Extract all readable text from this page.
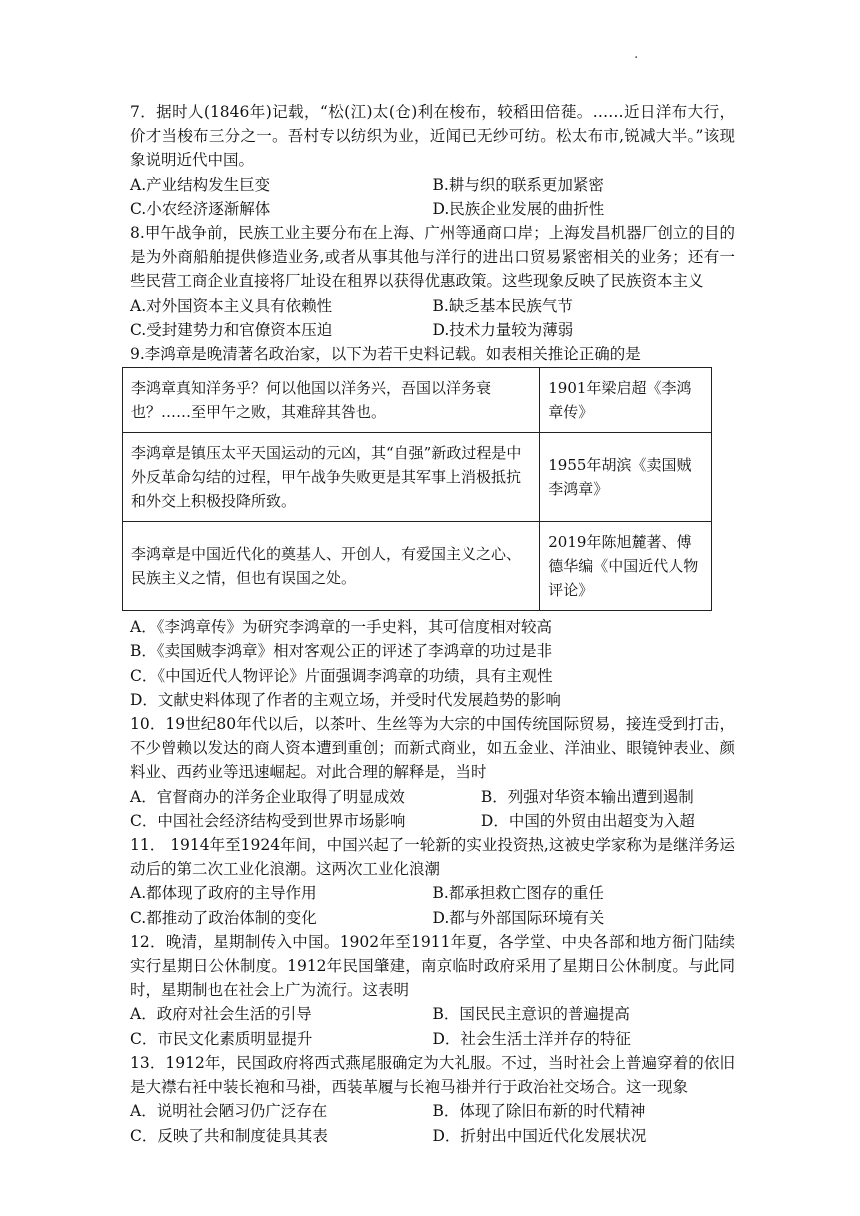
·

7．据时人(1846年)记载，“松(江)太(仓)利在梭布，较稻田倍蓰。……近日洋布大行，价才当梭布三分之一。吾村专以纺织为业，近闻已无纱可纺。松太布市,锐减大半。”该现象说明近代中国。

A.产业结构发生巨变	B.耕与织的联系更加紧密
C.小农经济逐渐解体	D.民族企业发展的曲折性

8.甲午战争前，民族工业主要分布在上海、广州等通商口岸；上海发昌机器厂创立的目的是为外商船舶提供修造业务,或者从事其他与洋行的进出口贸易紧密相关的业务；还有一些民营工商企业直接将厂址设在租界以获得优惠政策。这些现象反映了民族资本主义

A.对外国资本主义具有依赖性	B.缺乏基本民族气节
C.受封建势力和官僚资本压迫	D.技术力量较为薄弱

9.李鸿章是晚清著名政治家，以下为若干史料记载。如表相关推论正确的是

李鸿章真知洋务乎？何以他国以洋务兴，吾国以洋务衰也？……至甲午之败，其难辞其咎也。	1901年梁启超《李鸿章传》
李鸿章是镇压太平天国运动的元凶，其“自强”新政过程是中外反革命勾结的过程，甲午战争失败更是其军事上消极抵抗和外交上积极投降所致。	1955年胡滨《卖国贼李鸿章》
李鸿章是中国近代化的奠基人、开创人，有爱国主义之心、民族主义之情，但也有误国之处。	2019年陈旭麓著、傅德华编《中国近代人物评论》
A．《李鸿章传》为研究李鸿章的一手史料，其可信度相对较高
B．《卖国贼李鸿章》相对客观公正的评述了李鸿章的功过是非
C．《中国近代人物评论》片面强调李鸿章的功绩，具有主观性
D．文献史料体现了作者的主观立场，并受时代发展趋势的影响

10．19世纪80年代以后，以茶叶、生丝等为大宗的中国传统国际贸易，接连受到打击，不少曾赖以发达的商人资本遭到重创；而新式商业，如五金业、洋油业、眼镜钟表业、颜料业、西药业等迅速崛起。对此合理的解释是，当时

A．官督商办的洋务企业取得了明显成效	B．列强对华资本输出遭到遏制
C．中国社会经济结构受到世界市场影响	D．中国的外贸由出超变为入超

11． 1914年至1924年间，中国兴起了一轮新的实业投资热,这被史学家称为是继洋务运动后的第二次工业化浪潮。这两次工业化浪潮

A.都体现了政府的主导作用	B.都承担救亡图存的重任
C.都推动了政治体制的变化	D.都与外部国际环境有关

12．晚清，星期制传入中国。1902年至1911年夏，各学堂、中央各部和地方衙门陆续实行星期日公休制度。1912年民国肇建，南京临时政府采用了星期日公休制度。与此同时，星期制也在社会上广为流行。这表明

A．政府对社会生活的引导	B．国民民主意识的普遍提高
C．市民文化素质明显提升	D．社会生活土洋并存的特征

13．1912年，民国政府将西式燕尾服确定为大礼服。不过，当时社会上普遍穿着的依旧是大襟右衽中装长袍和马褂，西装革履与长袍马褂并行于政治社交场合。这一现象

A．说明社会陋习仍广泛存在	B．体现了除旧布新的时代精神
C．反映了共和制度徒具其表	D．折射出中国近代化发展状况
